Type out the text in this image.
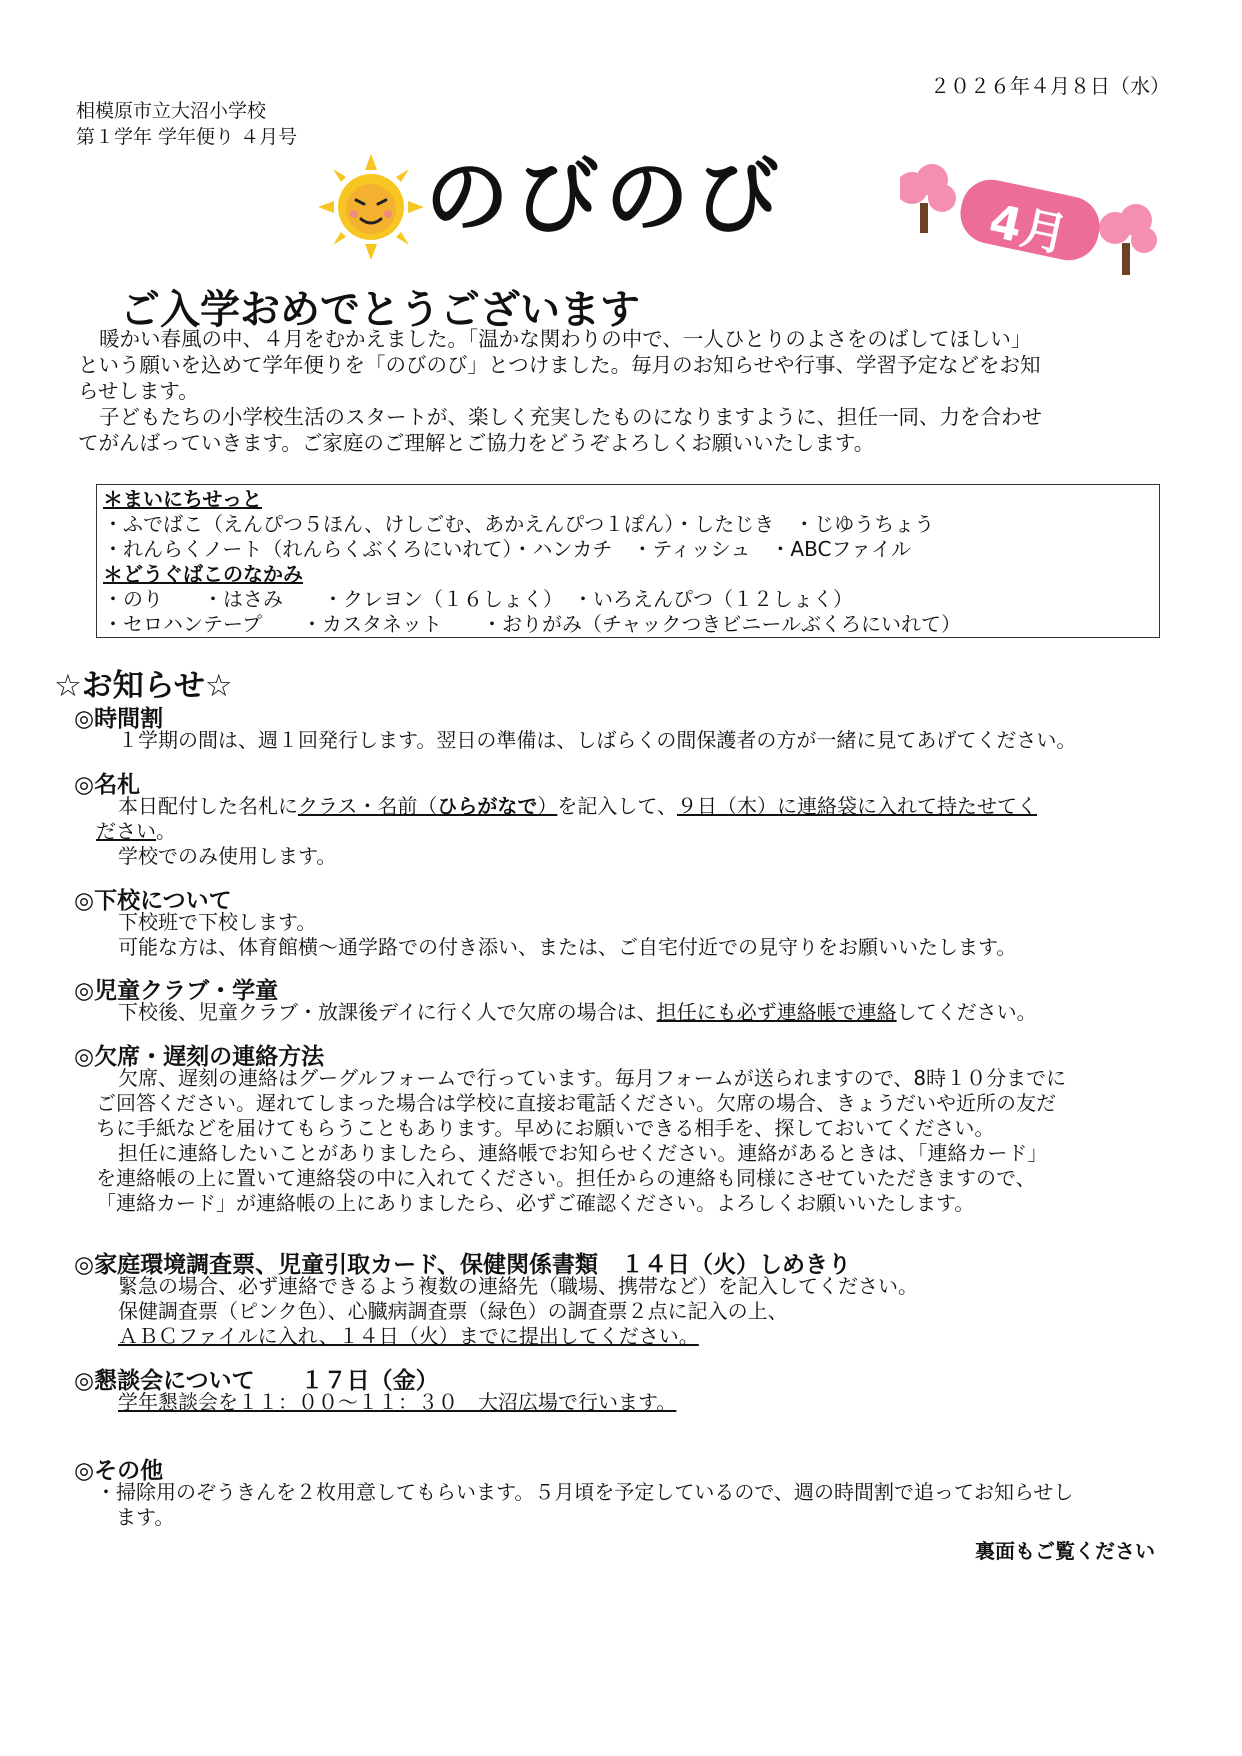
２０２６年４月８日（水）
相模原市立大沼小学校
第１学年 学年便り ４月号
のびのび	4月
ご入学おめでとうございます
暖かい春風の中、４月をむかえました。「温かな関わりの中で、一人ひとりのよさをのばしてほしい」
という願いを込めて学年便りを「のびのび」とつけました。毎月のお知らせや行事、学習予定などをお知
らせします。
子どもたちの小学校生活のスタートが、楽しく充実したものになりますように、担任一同、力を合わせ
てがんばっていきます。ご家庭のご理解とご協力をどうぞよろしくお願いいたします。
＊まいにちせっと
・ふでばこ（えんぴつ５ほん、けしごむ、あかえんぴつ１ぽん）・したじき　・じゆうちょう
・れんらくノート（れんらくぶくろにいれて）・ハンカチ　・ティッシュ　・ABCファイル
＊どうぐばこのなかみ
・のり　　・はさみ　　・クレヨン（１６しょく）　・いろえんぴつ（１２しょく）
・セロハンテープ　　・カスタネット　　・おりがみ（チャックつきビニールぶくろにいれて）
☆お知らせ☆
◎時間割
１学期の間は、週１回発行します。翌日の準備は、しばらくの間保護者の方が一緒に見てあげてください。
◎名札
本日配付した名札にクラス・名前（ひらがなで）を記入して、９日（木）に連絡袋に入れて持たせてく
ださい。
学校でのみ使用します。
◎下校について
下校班で下校します。
可能な方は、体育館横〜通学路での付き添い、または、ご自宅付近での見守りをお願いいたします。
◎児童クラブ・学童
下校後、児童クラブ・放課後デイに行く人で欠席の場合は、担任にも必ず連絡帳で連絡してください。
◎欠席・遅刻の連絡方法
欠席、遅刻の連絡はグーグルフォームで行っています。毎月フォームが送られますので、8時１０分までに
ご回答ください。遅れてしまった場合は学校に直接お電話ください。欠席の場合、きょうだいや近所の友だ
ちに手紙などを届けてもらうこともあります。早めにお願いできる相手を、探しておいてください。
担任に連絡したいことがありましたら、連絡帳でお知らせください。連絡があるときは、「連絡カード」
を連絡帳の上に置いて連絡袋の中に入れてください。担任からの連絡も同様にさせていただきますので、
「連絡カード」が連絡帳の上にありましたら、必ずご確認ください。よろしくお願いいたします。
◎家庭環境調査票、児童引取カード、保健関係書類　１４日（火）しめきり
緊急の場合、必ず連絡できるよう複数の連絡先（職場、携帯など）を記入してください。
保健調査票（ピンク色）、心臓病調査票（緑色）の調査票２点に記入の上、
ＡＢＣファイルに入れ、１４日（火）までに提出してください。
◎懇談会について　　１７日（金）
学年懇談会を１１：００〜１１：３０　大沼広場で行います。
◎その他
・掃除用のぞうきんを２枚用意してもらいます。５月頃を予定しているので、週の時間割で追ってお知らせし
　ます。
裏面もご覧ください
